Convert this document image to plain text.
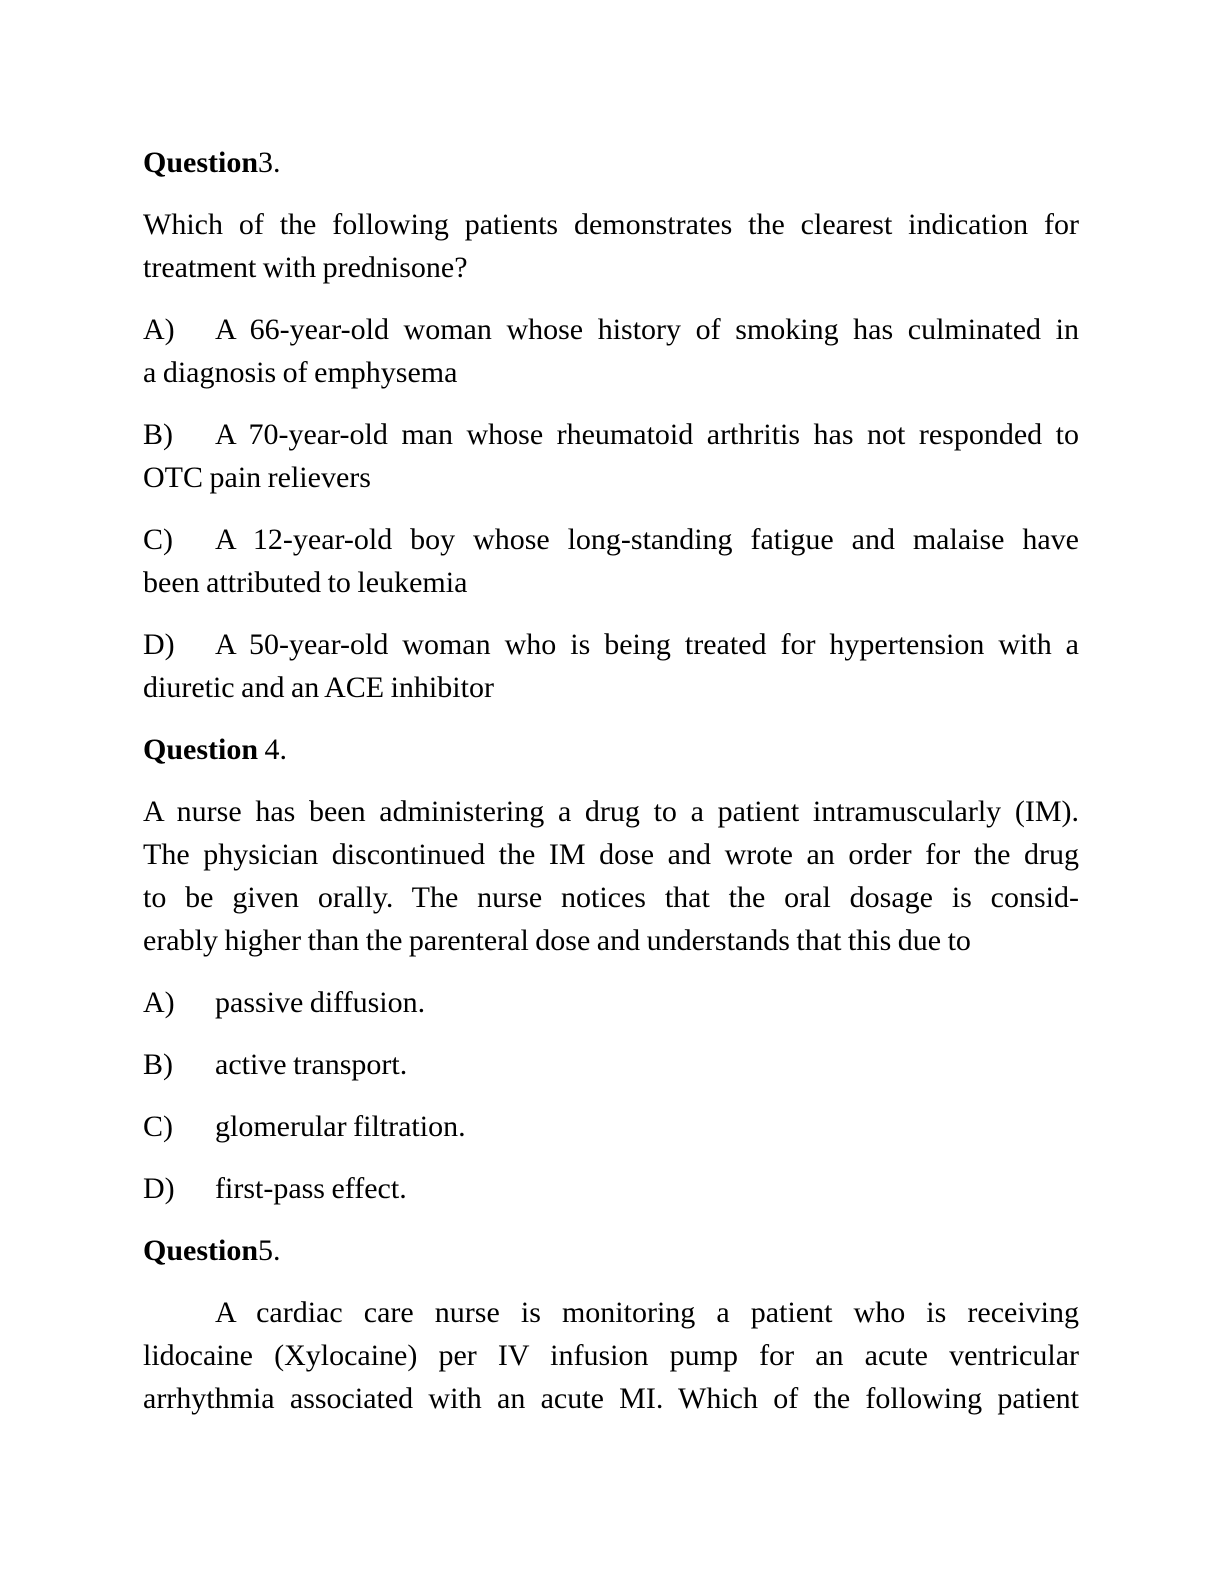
Question3.
Which of the following patients demonstrates the clearest indication for
treatment with prednisone?
A) A 66-year-old woman whose history of smoking has culminated in
a diagnosis of emphysema
B) A 70-year-old man whose rheumatoid arthritis has not responded to
OTC pain relievers
C) A 12-year-old boy whose long-standing fatigue and malaise have
been attributed to leukemia
D) A 50-year-old woman who is being treated for hypertension with a
diuretic and an ACE inhibitor
Question 4.
A nurse has been administering a drug to a patient intramuscularly (IM).
The physician discontinued the IM dose and wrote an order for the drug
to be given orally. The nurse notices that the oral dosage is consid-
erably higher than the parenteral dose and understands that this due to
A) passive diffusion.
B) active transport.
C) glomerular filtration.
D) first-pass effect.
Question5.
A cardiac care nurse is monitoring a patient who is receiving
lidocaine (Xylocaine) per IV infusion pump for an acute ventricular
arrhythmia associated with an acute MI. Which of the following patient
